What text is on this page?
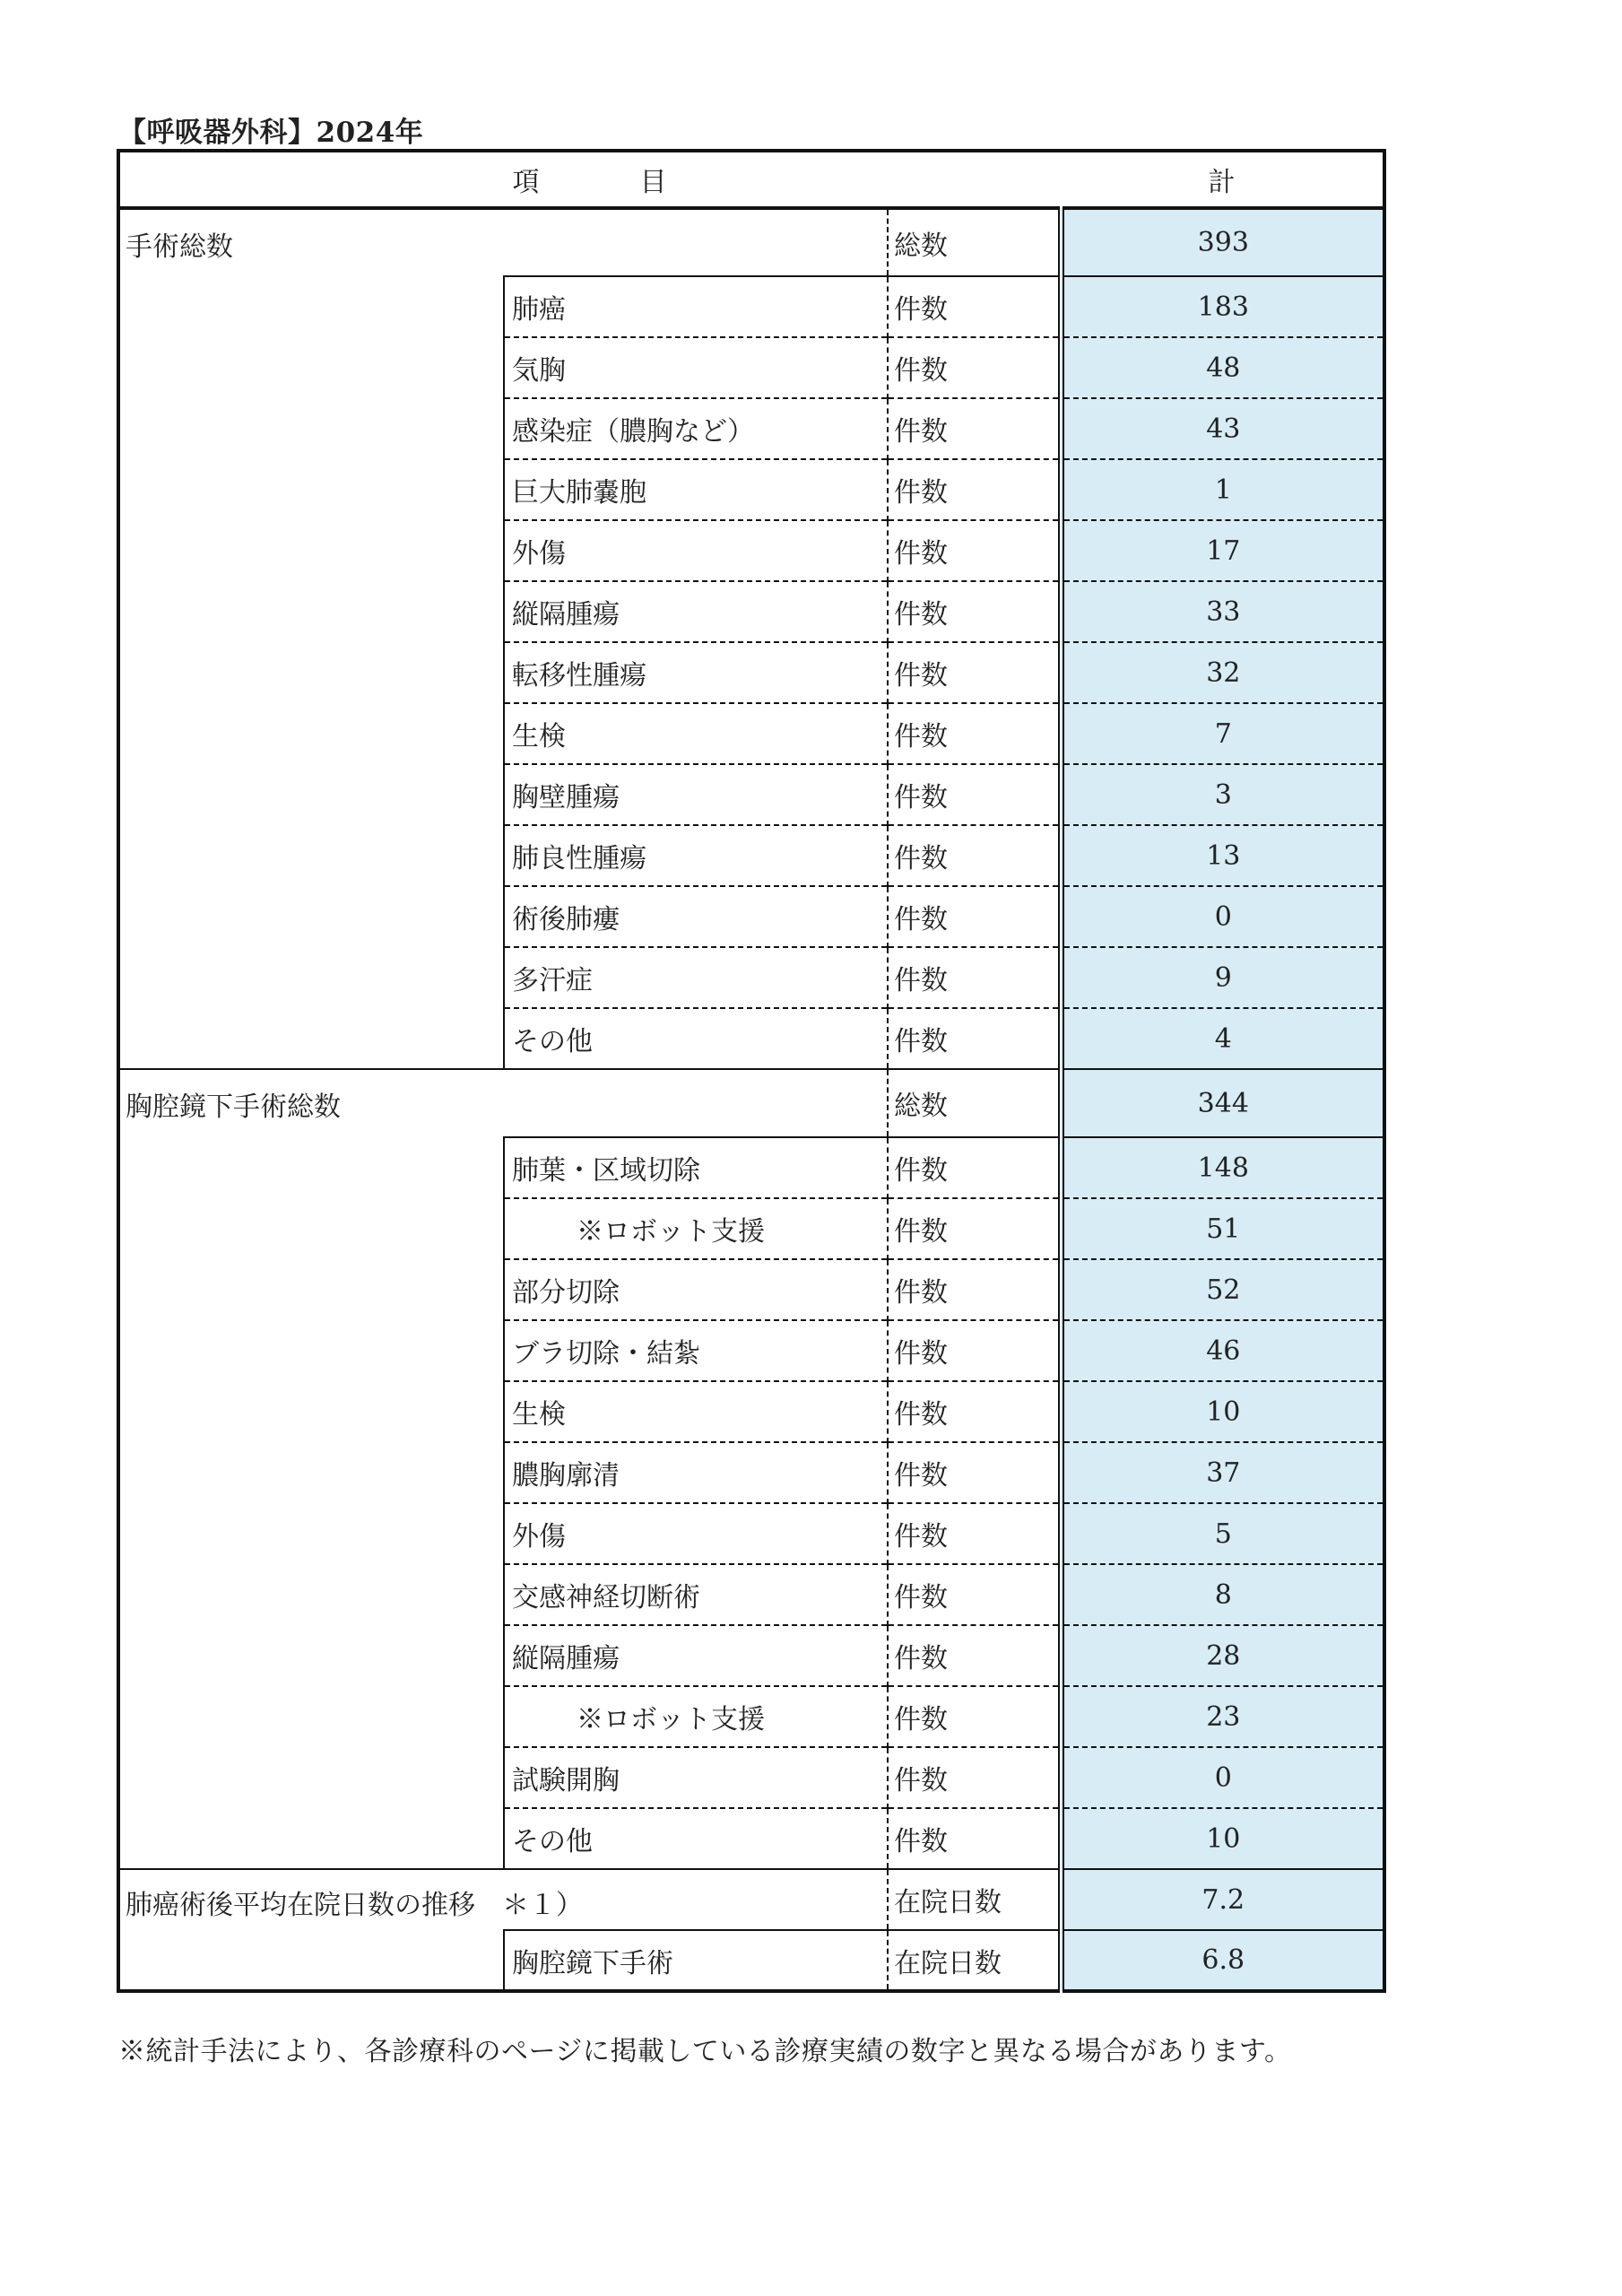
【呼吸器外科】2024年
項 目			計
手術総数		総数	393
	肺癌	件数	183
	気胸	件数	48
	感染症（膿胸など）	件数	43
	巨大肺嚢胞	件数	1
	外傷	件数	17
	縦隔腫瘍	件数	33
	転移性腫瘍	件数	32
	生検	件数	7
	胸壁腫瘍	件数	3
	肺良性腫瘍	件数	13
	術後肺瘻	件数	0
	多汗症	件数	9
	その他	件数	4
胸腔鏡下手術総数		総数	344
	肺葉・区域切除	件数	148
	※ロボット支援	件数	51
	部分切除	件数	52
	ブラ切除・結紮	件数	46
	生検	件数	10
	膿胸廓清	件数	37
	外傷	件数	5
	交感神経切断術	件数	8
	縦隔腫瘍	件数	28
	※ロボット支援	件数	23
	試験開胸	件数	0
	その他	件数	10
肺癌術後平均在院日数の推移　＊１）		在院日数	7.2
	胸腔鏡下手術	在院日数	6.8
※統計手法により、各診療科のページに掲載している診療実績の数字と異なる場合があります。
